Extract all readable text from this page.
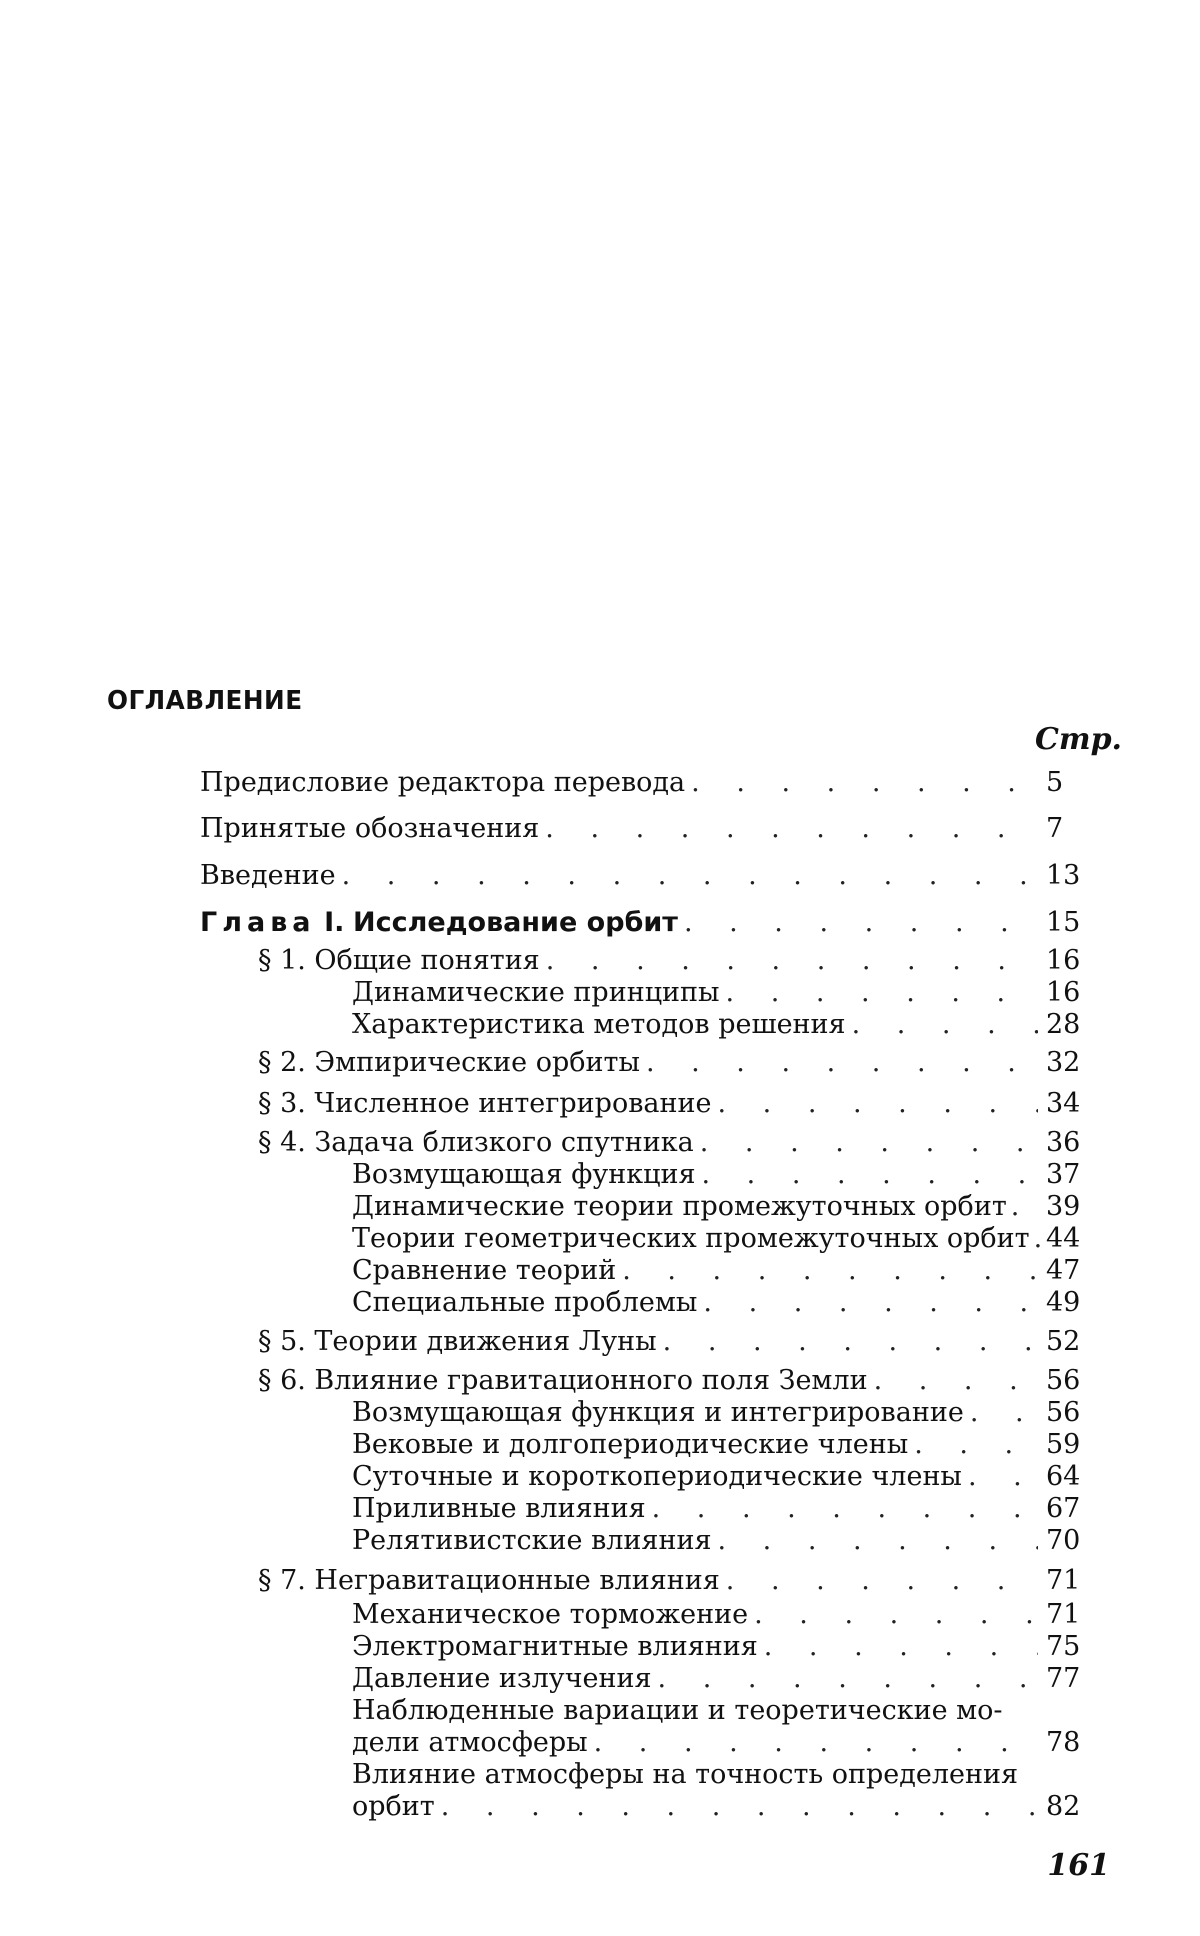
ОГЛАВЛЕНИЕ
Стр.
Предисловие редактора перевода . . .	5
Принятые обозначения . . .	7
Введение . . .	13
Глава I. Исследование орбит . . .	15
§ 1. Общие понятия . . .	16
Динамические принципы . . .	16
Характеристика методов решения . . .	28
§ 2. Эмпирические орбиты . . .	32
§ 3. Численное интегрирование . . .	34
§ 4. Задача близкого спутника . . .	36
Возмущающая функция . . .	37
Динамические теории промежуточных орбит . . . 39
Теории геометрических промежуточных орбит . . . 44
Сравнение теорий . . .	47
Специальные проблемы . . .	49
§ 5. Теории движения Луны . . .	52
§ 6. Влияние гравитационного поля Земли . . .	56
Возмущающая функция и интегрирование . . .	56
Вековые и долгопериодические члены . . .	59
Суточные и короткопериодические члены . . .	64
Приливные влияния . . .	67
Релятивистские влияния . . .	70
§ 7. Негравитационные влияния . . .	71
Механическое торможение . . .	71
Электромагнитные влияния . . .	75
Давление излучения . . .	77
Наблюденные вариации и теоретические мо-
дели атмосферы . . .	78
Влияние атмосферы на точность определения
орбит . . .	82
161
